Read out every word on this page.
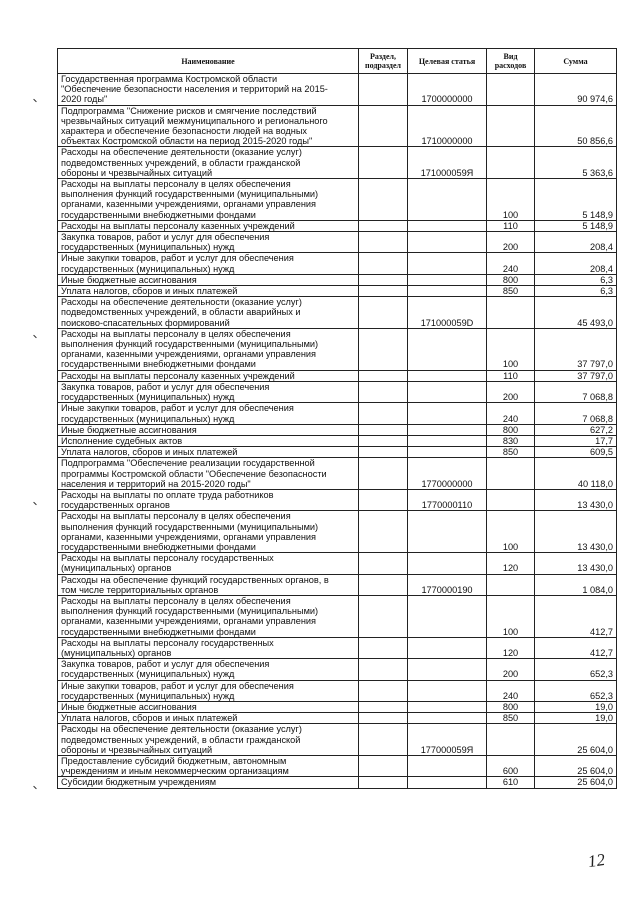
Наименование	Раздел, подраздел	Целевая статья	Вид расходов	Сумма
Государственная программа Костромской области
"Обеспечение безопасности населения и территорий на 2015-
2020 годы"		1700000000		90 974,6
Подпрограмма "Снижение рисков и смягчение последствий
чрезвычайных ситуаций межмуниципального и регионального
характера и обеспечение безопасности людей на водных
объектах Костромской области на период 2015-2020 годы"		1710000000		50 856,6
Расходы на обеспечение деятельности (оказание услуг)
подведомственных учреждений, в области гражданской
обороны и чрезвычайных ситуаций		171000059Я		5 363,6
Расходы на выплаты персоналу в целях обеспечения
выполнения функций государственными (муниципальными)
органами, казенными учреждениями, органами управления
государственными внебюджетными фондами			100	5 148,9
Расходы на выплаты персоналу казенных учреждений			110	5 148,9
Закупка товаров, работ и услуг для обеспечения
государственных (муниципальных) нужд			200	208,4
Иные закупки товаров, работ и услуг для обеспечения
государственных (муниципальных) нужд			240	208,4
Иные бюджетные ассигнования			800	6,3
Уплата налогов, сборов и иных платежей			850	6,3
Расходы на обеспечение деятельности (оказание услуг)
подведомственных учреждений, в области аварийных и
поисково-спасательных формирований		171000059D		45 493,0
Расходы на выплаты персоналу в целях обеспечения
выполнения функций государственными (муниципальными)
органами, казенными учреждениями, органами управления
государственными внебюджетными фондами			100	37 797,0
Расходы на выплаты персоналу казенных учреждений			110	37 797,0
Закупка товаров, работ и услуг для обеспечения
государственных (муниципальных) нужд			200	7 068,8
Иные закупки товаров, работ и услуг для обеспечения
государственных (муниципальных) нужд			240	7 068,8
Иные бюджетные ассигнования			800	627,2
Исполнение судебных актов			830	17,7
Уплата налогов, сборов и иных платежей			850	609,5
Подпрограмма "Обеспечение реализации государственной
программы Костромской области "Обеспечение безопасности
населения и территорий на 2015-2020 годы"		1770000000		40 118,0
Расходы на выплаты по оплате труда работников
государственных органов		1770000110		13 430,0
Расходы на выплаты персоналу в целях обеспечения
выполнения функций государственными (муниципальными)
органами, казенными учреждениями, органами управления
государственными внебюджетными фондами			100	13 430,0
Расходы на выплаты персоналу государственных
(муниципальных) органов			120	13 430,0
Расходы на обеспечение функций государственных органов, в
том числе территориальных органов		1770000190		1 084,0
Расходы на выплаты персоналу в целях обеспечения
выполнения функций государственными (муниципальными)
органами, казенными учреждениями, органами управления
государственными внебюджетными фондами			100	412,7
Расходы на выплаты персоналу государственных
(муниципальных) органов			120	412,7
Закупка товаров, работ и услуг для обеспечения
государственных (муниципальных) нужд			200	652,3
Иные закупки товаров, работ и услуг для обеспечения
государственных (муниципальных) нужд			240	652,3
Иные бюджетные ассигнования			800	19,0
Уплата налогов, сборов и иных платежей			850	19,0
Расходы на обеспечение деятельности (оказание услуг)
подведомственных учреждений, в области гражданской
обороны и чрезвычайных ситуаций		177000059Я		25 604,0
Предоставление субсидий бюджетным, автономным
учреждениям и иным некоммерческим организациям			600	25 604,0
Субсидии бюджетным учреждениям			610	25 604,0
12
